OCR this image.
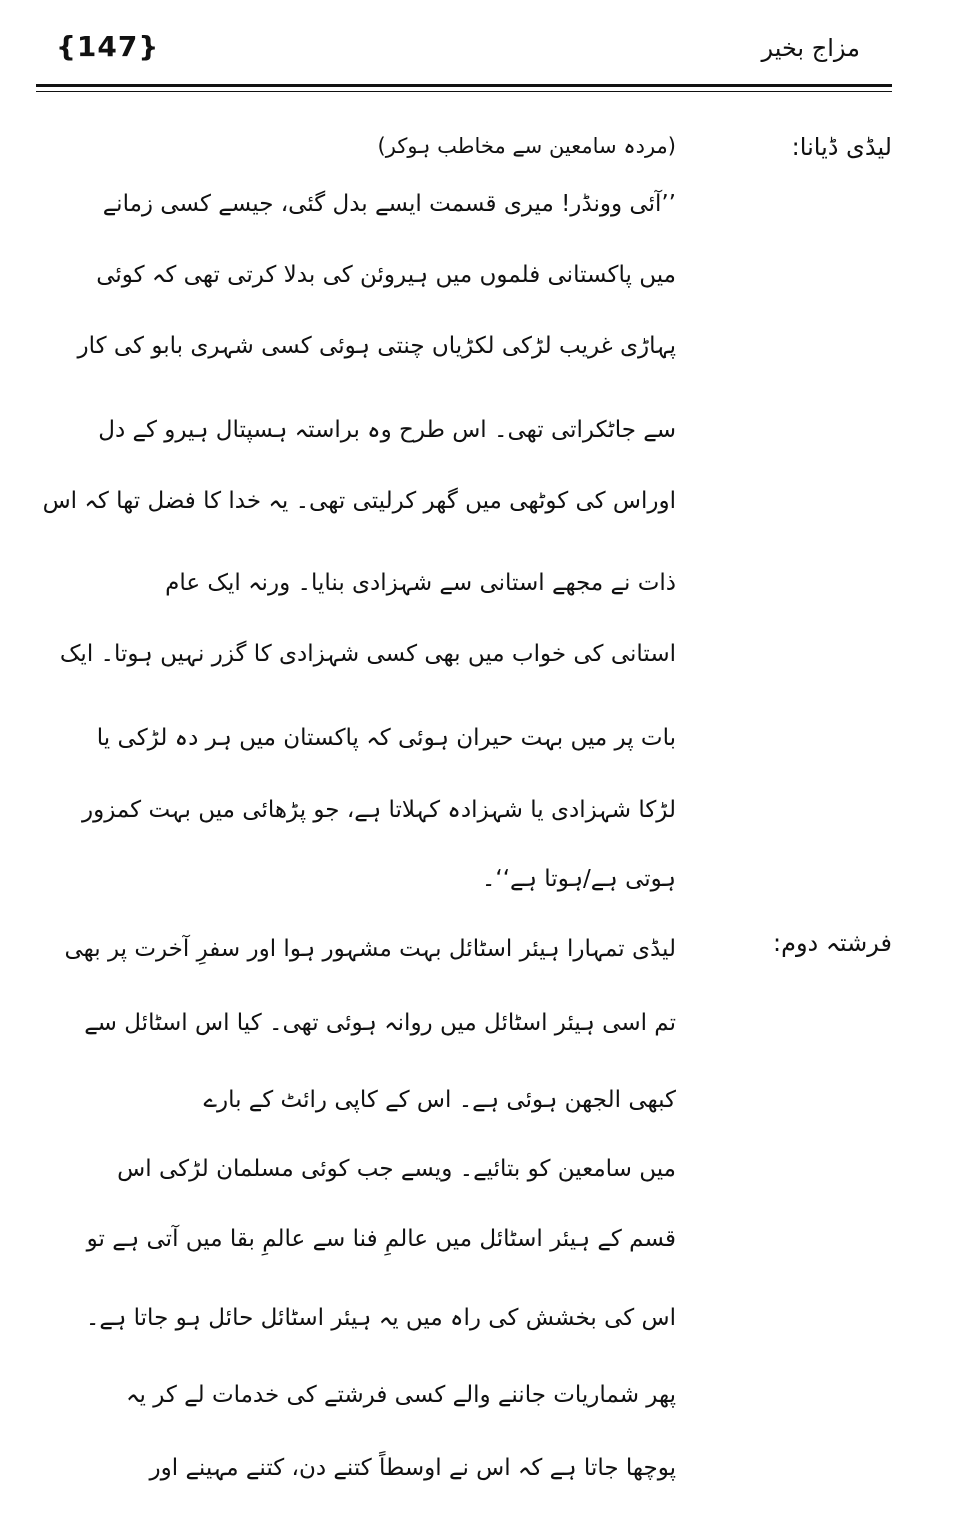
{147}	مزاج بخیر
لیڈی ڈیانا:
فرشتہ دوم:
(مردہ سامعین سے مخاطب ہوکر)
’’آئی وونڈر! میری قسمت ایسے بدل گئی، جیسے کسی زمانے
میں پاکستانی فلموں میں ہیروئن کی بدلا کرتی تھی کہ کوئی
پہاڑی غریب لڑکی لکڑیاں چنتی ہوئی کسی شہری بابو کی کار
سے جاٹکراتی تھی۔ اس طرح وہ براستہ ہسپتال ہیرو کے دل
اوراس کی کوٹھی میں گھر کرلیتی تھی۔ یہ خدا کا فضل تھا کہ اس
ذات نے مجھے استانی سے شہزادی بنایا۔ ورنہ ایک عام
استانی کی خواب میں بھی کسی شہزادی کا گزر نہیں ہوتا۔ ایک
بات پر میں بہت حیران ہوئی کہ پاکستان میں ہر دہ لڑکی یا
لڑکا شہزادی یا شہزادہ کہلاتا ہے، جو پڑھائی میں بہت کمزور
ہوتی ہے/ہوتا ہے‘‘۔
لیڈی تمہارا ہیئر اسٹائل بہت مشہور ہوا اور سفرِ آخرت پر بھی
تم اسی ہیئر اسٹائل میں روانہ ہوئی تھی۔ کیا اس اسٹائل سے
کبھی الجھن ہوئی ہے۔ اس کے کاپی رائٹ کے بارے
میں سامعین کو بتائیے۔ ویسے جب کوئی مسلمان لڑکی اس
قسم کے ہیئر اسٹائل میں عالمِ فنا سے عالمِ بقا میں آتی ہے تو
اس کی بخشش کی راہ میں یہ ہیئر اسٹائل حائل ہو جاتا ہے۔
پھر شماریات جاننے والے کسی فرشتے کی خدمات لے کر یہ
پوچھا جاتا ہے کہ اس نے اوسطاً کتنے دن، کتنے مہینے اور
